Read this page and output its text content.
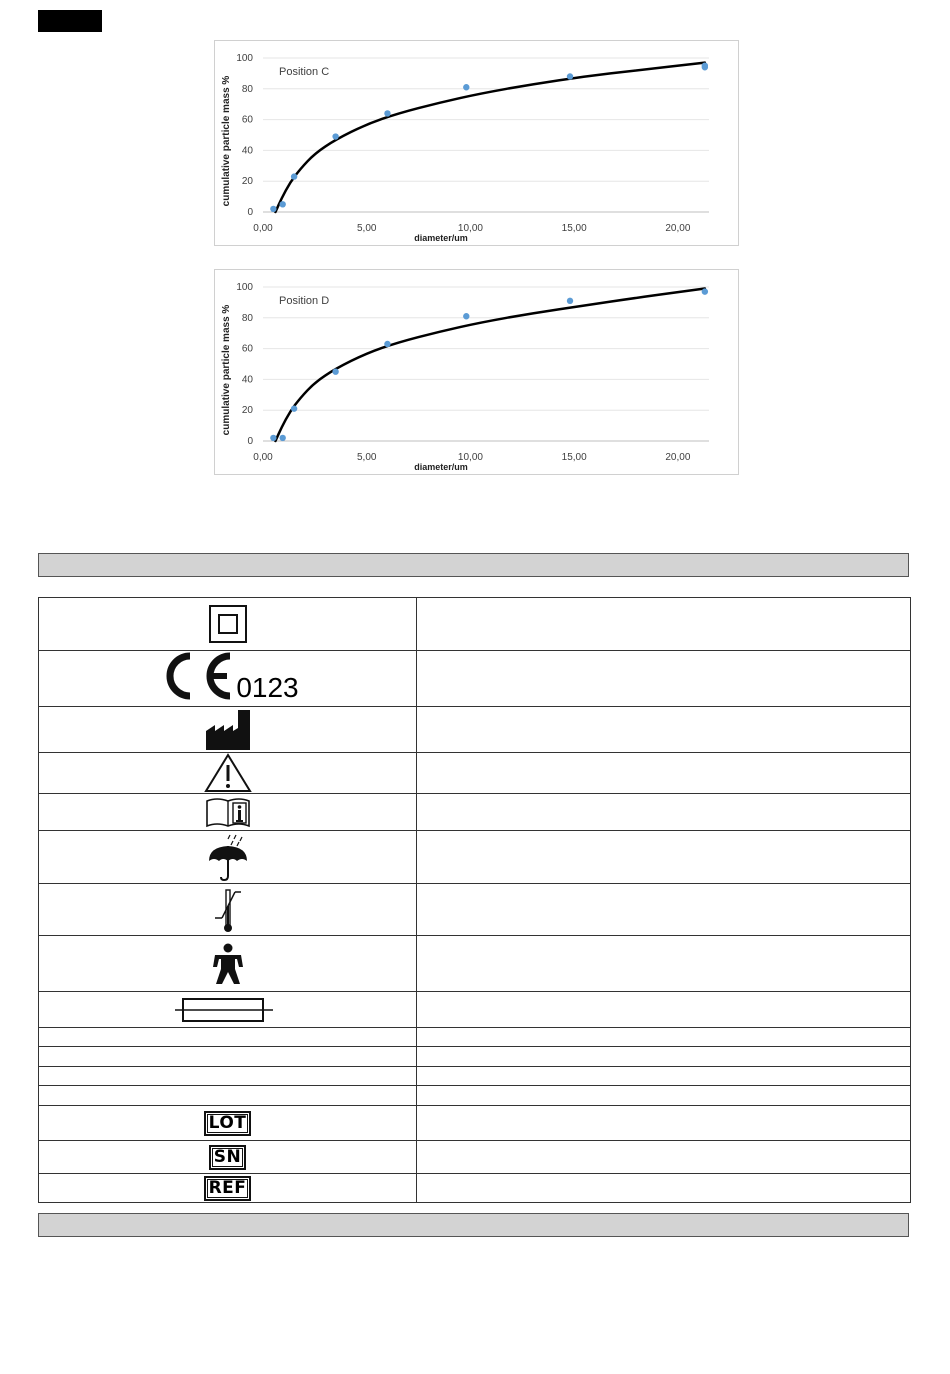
0
20
40
60
80
100
0,00	5,00	10,00	15,00	20,00
diameter/um
cumulative particle mass %
Position C
0
20
40
60
80
100
0,00	5,00	10,00	15,00	20,00
diameter/um
cumulative particle mass %
Position D

0123	

LOT	
SN	
REF	
